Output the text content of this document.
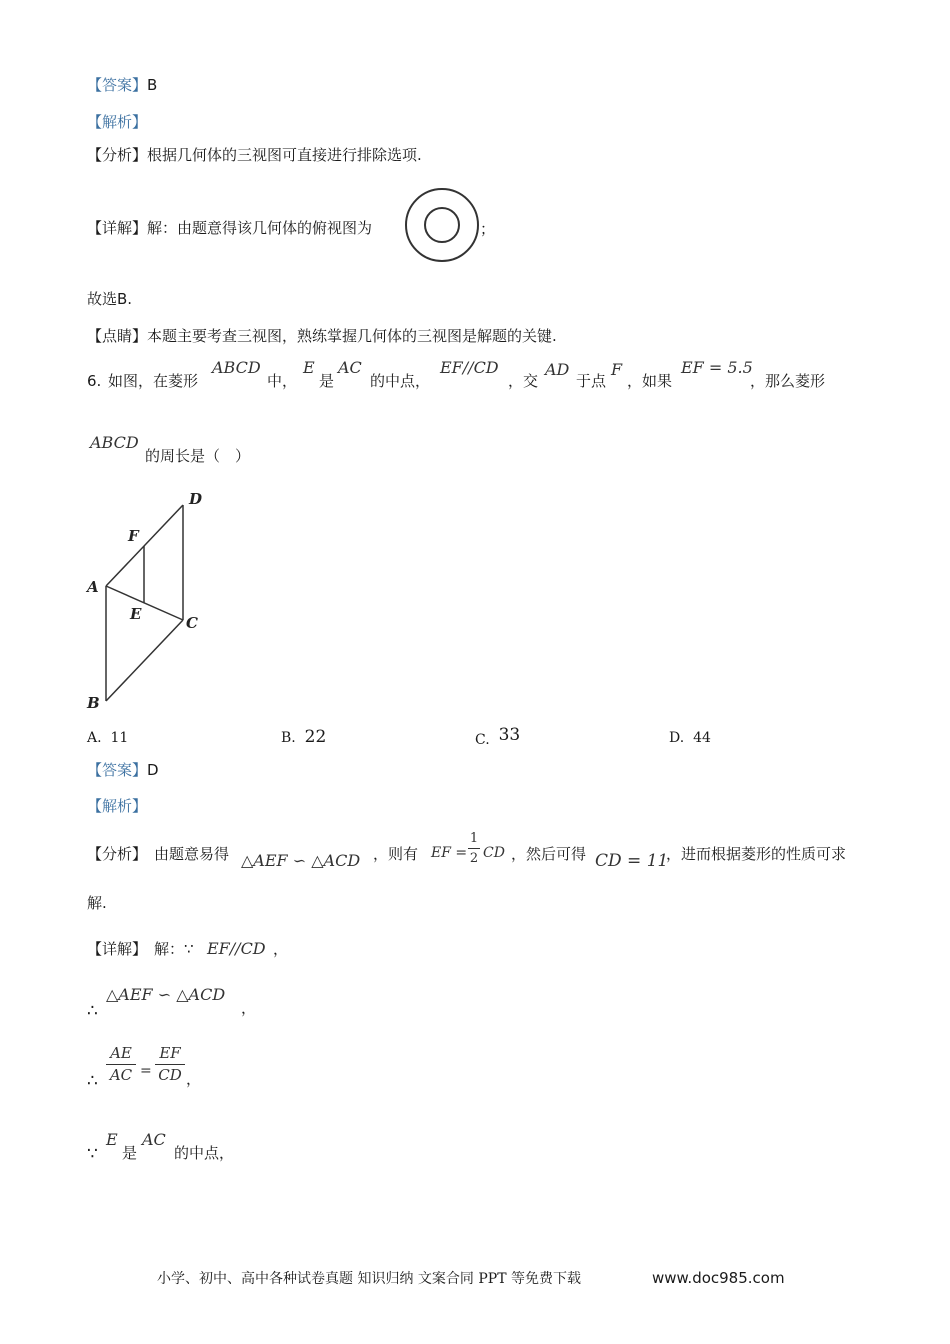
【答案】B
【解析】
【分析】根据几何体的三视图可直接进行排除选项.
【详解】解：由题意得该几何体的俯视图为	；
故选B.
【点睛】本题主要考查三视图，熟练掌握几何体的三视图是解题的关键.
6. 如图，在菱形
ABCD
中，
E
是
AC
的中点，
EF//CD
，交
AD
于点
F
，如果
EF = 5.5
，那么菱形
ABCD
的周长是（　）
A
B
C
D
E
F
A. 11	B. 22	C. 33	D. 44
【答案】D
【解析】
【分析】 由题意易得 △AEF ∽ △ACD ，则有 EF =
1
2 CD ，然后可得 CD = 11
，进而根据菱形的性质可求
解.
【详解】 解：∵ EF//CD ，
∴
△AEF ∽ △ACD
，
∴
AE
AC =
EF
CD ，
∵
E
是
AC
的中点，
小学、初中、高中各种试卷真题 知识归纳 文案合同 PPT 等免费下载	www.doc985.com
